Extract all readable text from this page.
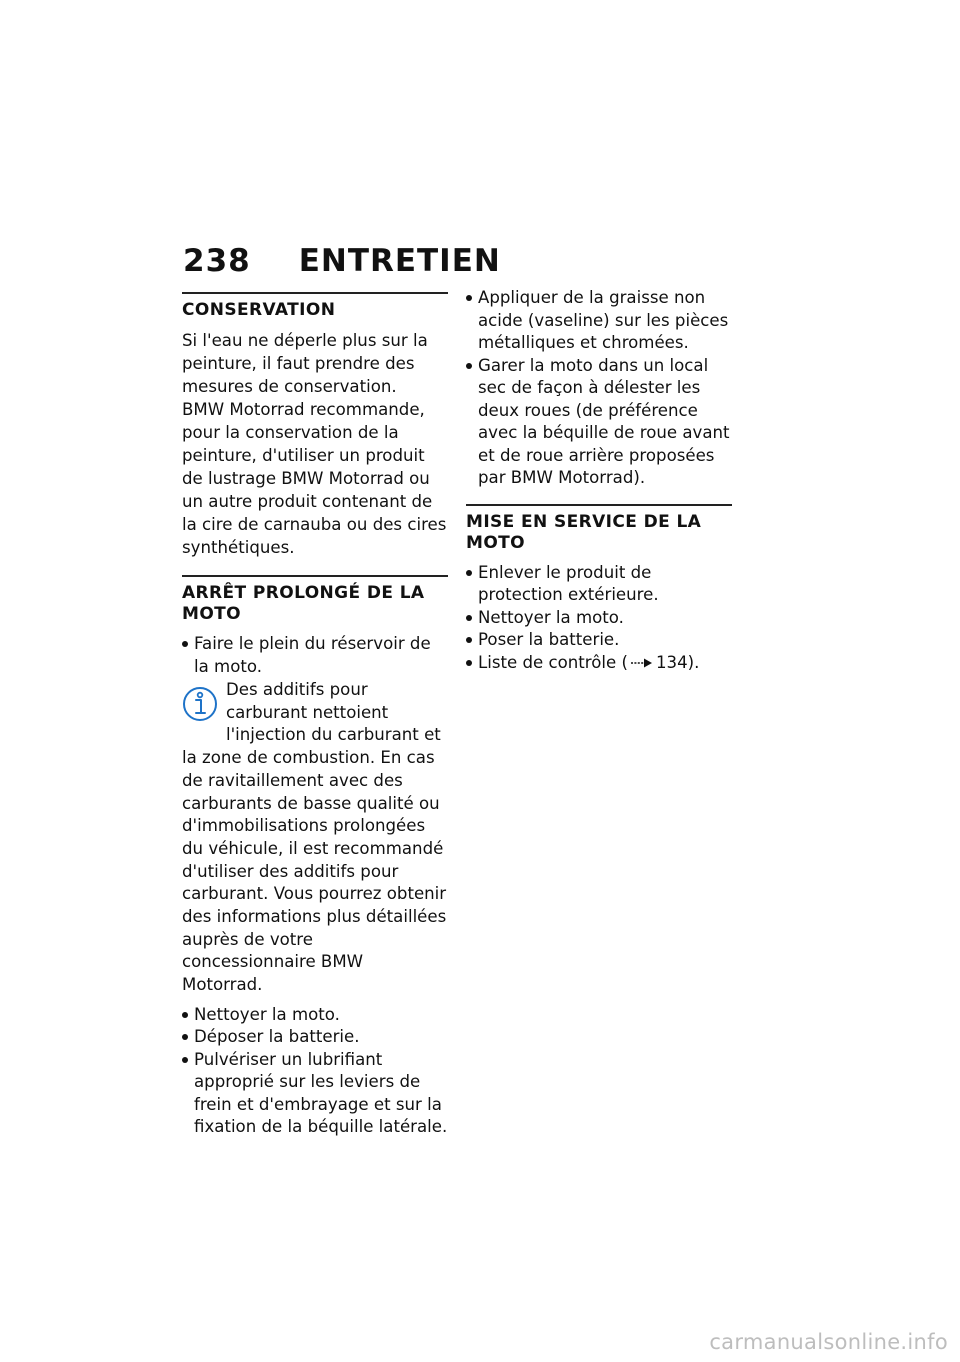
238 ENTRETIEN
CONSERVATION

Si l'eau ne déperle plus sur la peinture, il faut prendre des mesures de conservation.

BMW Motorrad recommande, pour la conservation de la peinture, d'utiliser un produit de lustrage BMW Motorrad ou un autre produit contenant de la cire de carnauba ou des cires synthétiques.

ARRÊT PROLONGÉ DE LA MOTO
Faire le plein du réservoir de la moto.

Des additifs pour carburant nettoient l'injection du carburant et la zone de combustion. En cas de ravitaillement avec des carburants de basse qualité ou d'immobilisations prolongées du véhicule, il est recommandé d'utiliser des additifs pour carburant. Vous pourrez obtenir des informations plus détaillées auprès de votre concessionnaire BMW Motorrad.

Nettoyer la moto.
Déposer la batterie.
Pulvériser un lubrifiant approprié sur les leviers de frein et d'embrayage et sur la fixation de la béquille latérale.
Appliquer de la graisse non acide (vaseline) sur les pièces métalliques et chromées.
Garer la moto dans un local sec de façon à délester les deux roues (de préférence avec la béquille de roue avant et de roue arrière proposées par BMW Motorrad).
MISE EN SERVICE DE LA MOTO
Enlever le produit de protection extérieure.
Nettoyer la moto.
Poser la batterie.
Liste de contrôle ( 134).
carmanualsonline.info
